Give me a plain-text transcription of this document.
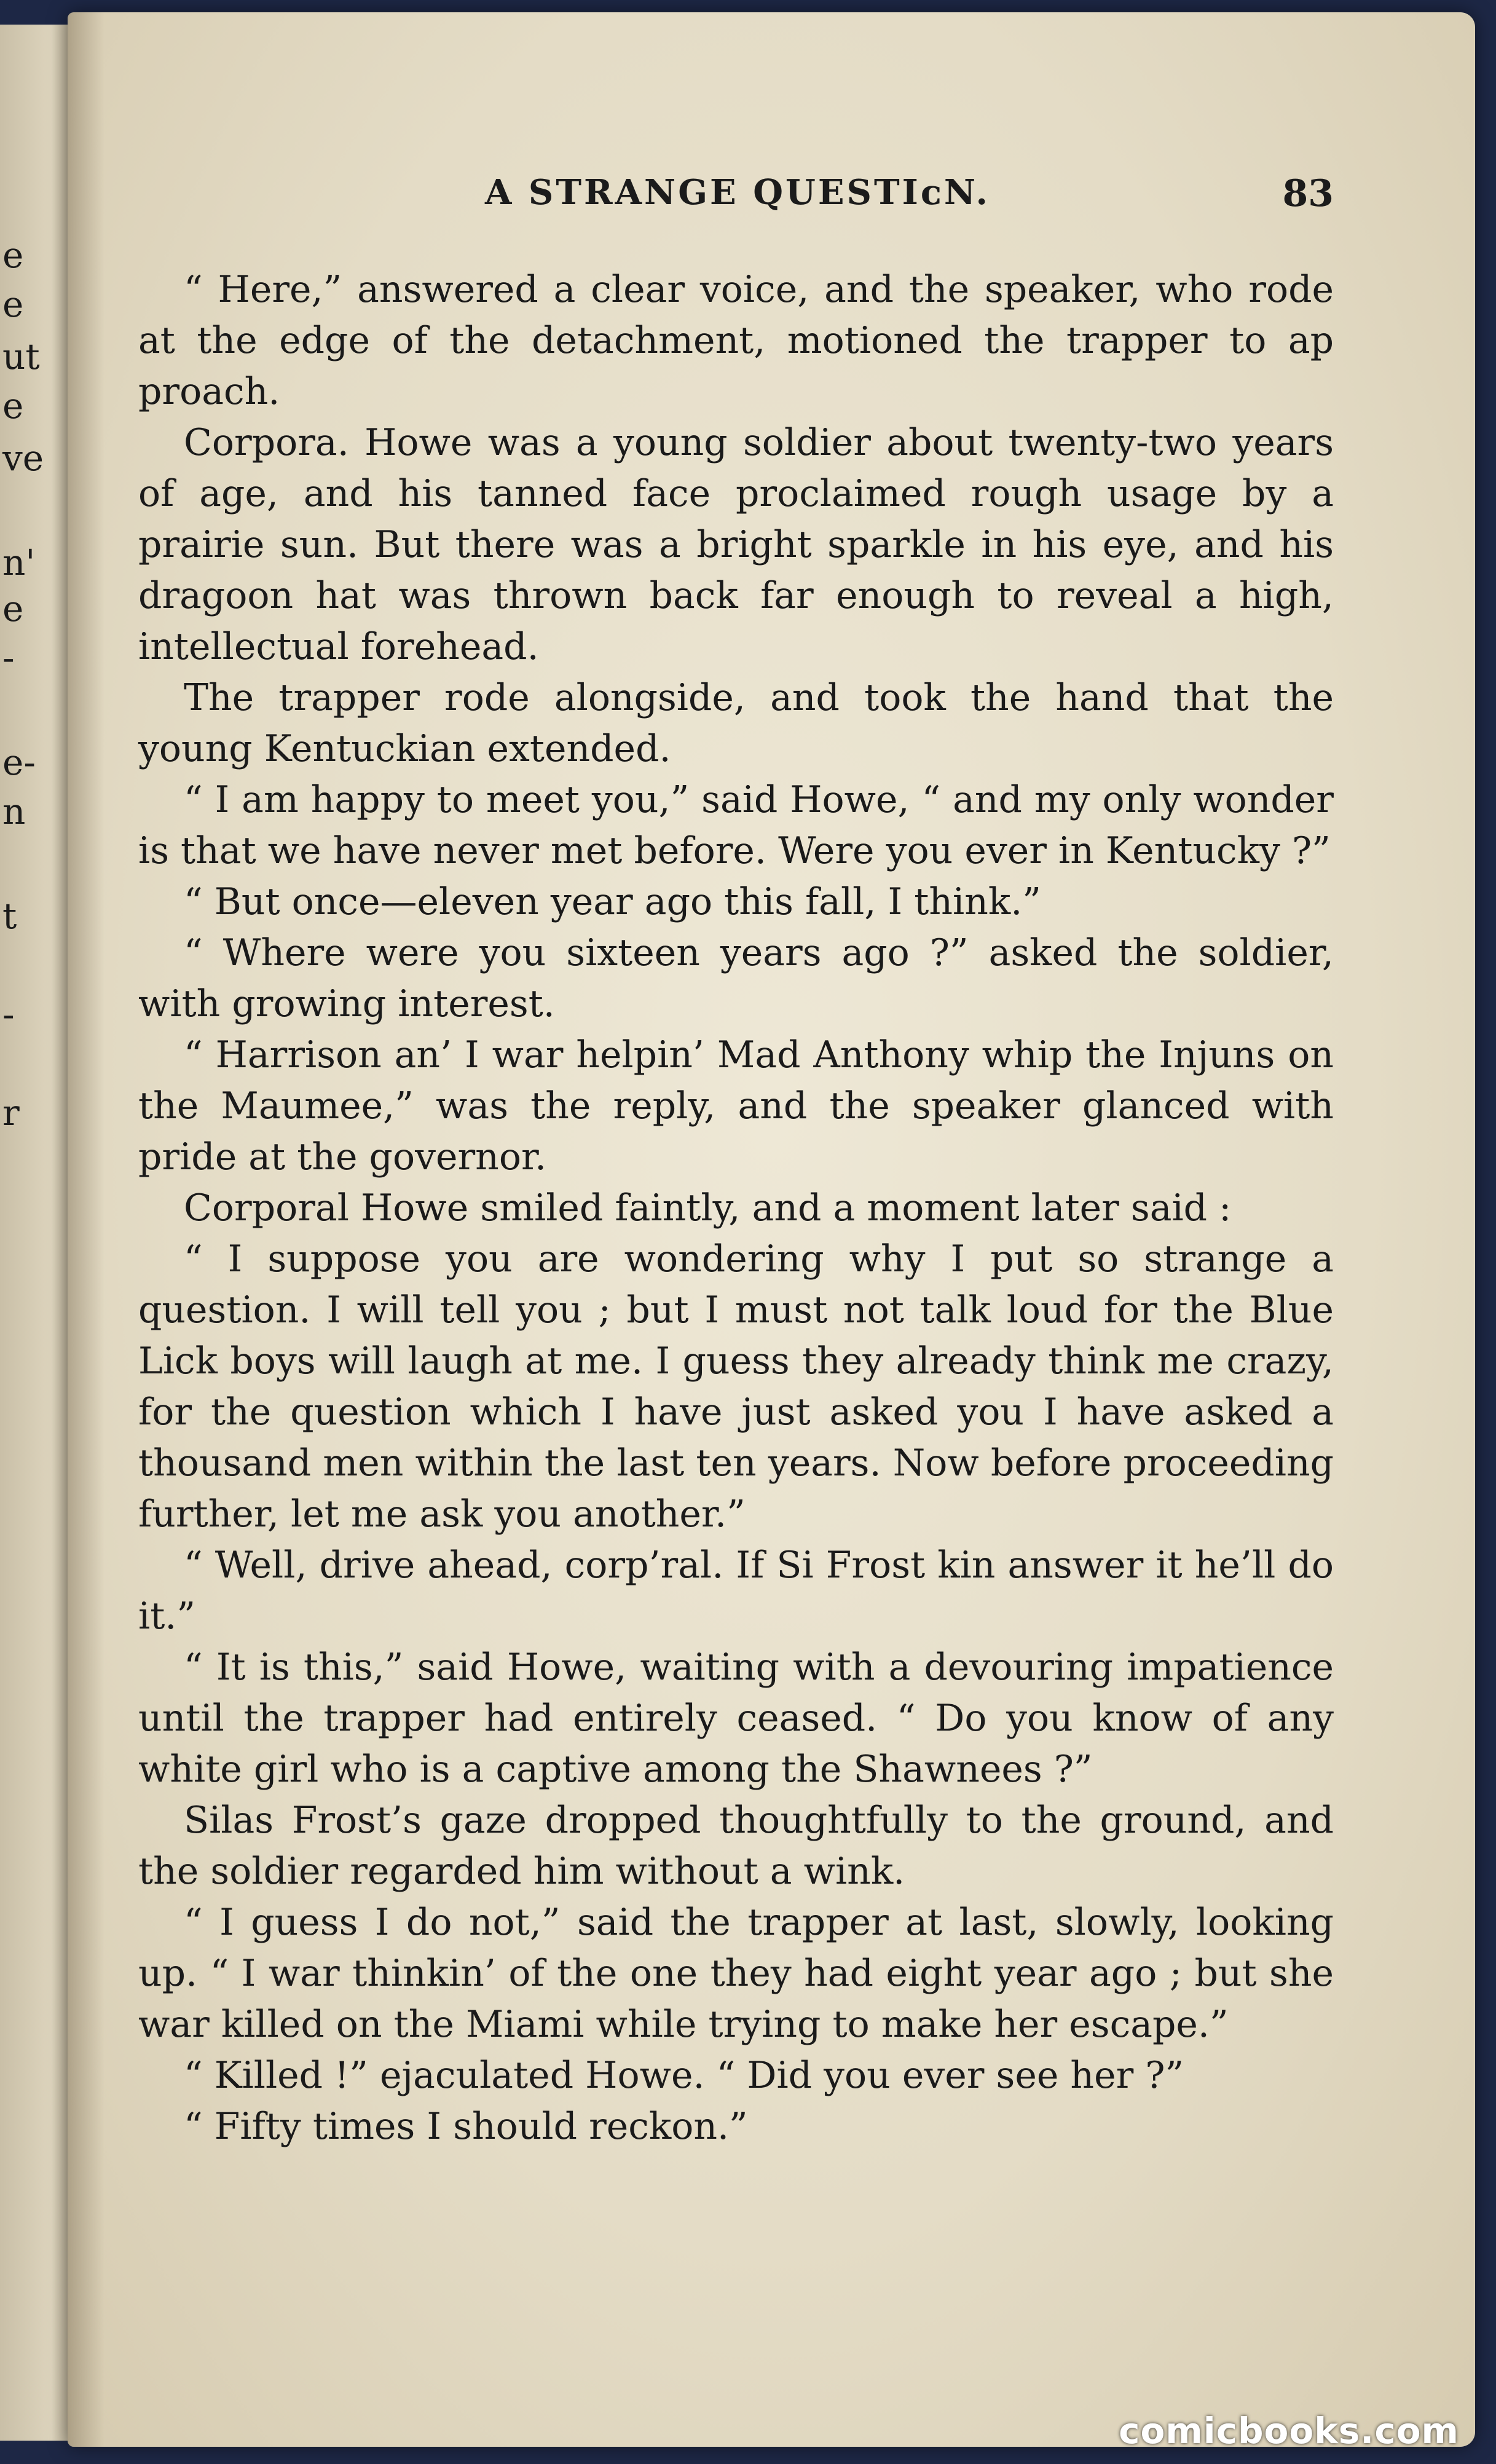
e
e
ut
e
ve
n'
e
-
e-
n
t
-
r
A STRANGE QUESTIᴄN.	83

“ Here,” answered a clear voice, and the speaker, who rode at the edge of the detachment, motioned the trapper to ap proach.

Corpora. Howe was a young soldier about twenty-two years of age, and his tanned face proclaimed rough usage by a prairie sun. But there was a bright sparkle in his eye, and his dragoon hat was thrown back far enough to reveal a high, intellectual forehead.

The trapper rode alongside, and took the hand that the young Kentuckian extended.

“ I am happy to meet you,” said Howe, “ and my only wonder is that we have never met before. Were you ever in Kentucky ?”

“ But once—eleven year ago this fall, I think.”

“ Where were you sixteen years ago ?” asked the soldier, with growing interest.

“ Harrison an’ I war helpin’ Mad Anthony whip the Injuns on the Maumee,” was the reply, and the speaker glanced with pride at the governor.

Corporal Howe smiled faintly, and a moment later said :

“ I suppose you are wondering why I put so strange a question. I will tell you ; but I must not talk loud for the Blue Lick boys will laugh at me. I guess they already think me crazy, for the question which I have just asked you I have asked a thousand men within the last ten years. Now before proceeding further, let me ask you another.”

“ Well, drive ahead, corp’ral. If Si Frost kin answer it he’ll do it.”

“ It is this,” said Howe, waiting with a devouring impatience until the trapper had entirely ceased. “ Do you know of any white girl who is a captive among the Shawnees ?”

Silas Frost’s gaze dropped thoughtfully to the ground, and the soldier regarded him without a wink.

“ I guess I do not,” said the trapper at last, slowly, looking up. “ I war thinkin’ of the one they had eight year ago ; but she war killed on the Miami while trying to make her escape.”

“ Killed !” ejaculated Howe. “ Did you ever see her ?”

“ Fifty times I should reckon.”

comicbooks.com
